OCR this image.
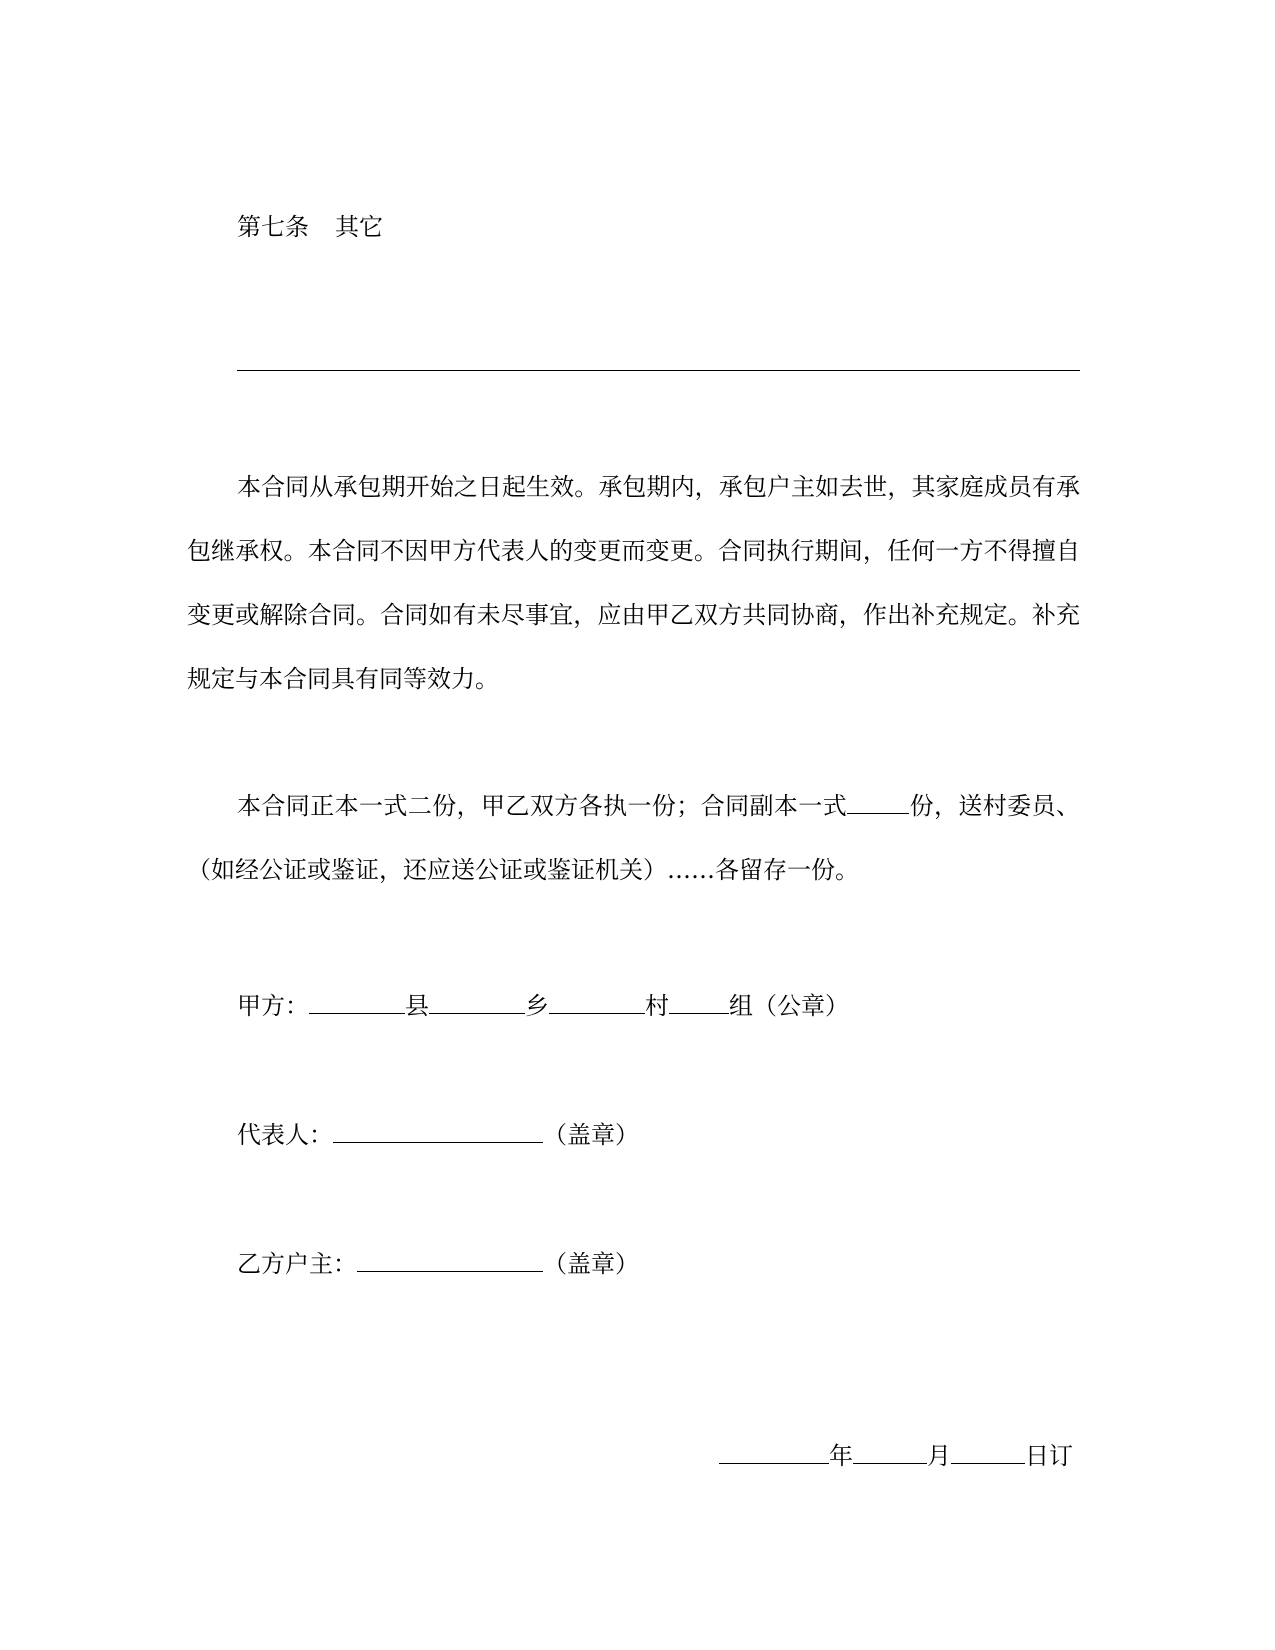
第七条 其它
本合同从承包期开始之日起生效。承包期内，承包户主如去世，其家庭成员有承包继承权。本合同不因甲方代表人的变更而变更。合同执行期间，任何一方不得擅自变更或解除合同。合同如有未尽事宜，应由甲乙双方共同协商，作出补充规定。补充规定与本合同具有同等效力。
本合同正本一式二份，甲乙双方各执一份；合同副本一式	份，送村委员、（如经公证或鉴证，还应送公证或鉴证机关）……各留存一份。
甲方：	县	乡	村	组（公章）
代表人：	（盖章）
乙方户主：	（盖章）
年	月	日订
